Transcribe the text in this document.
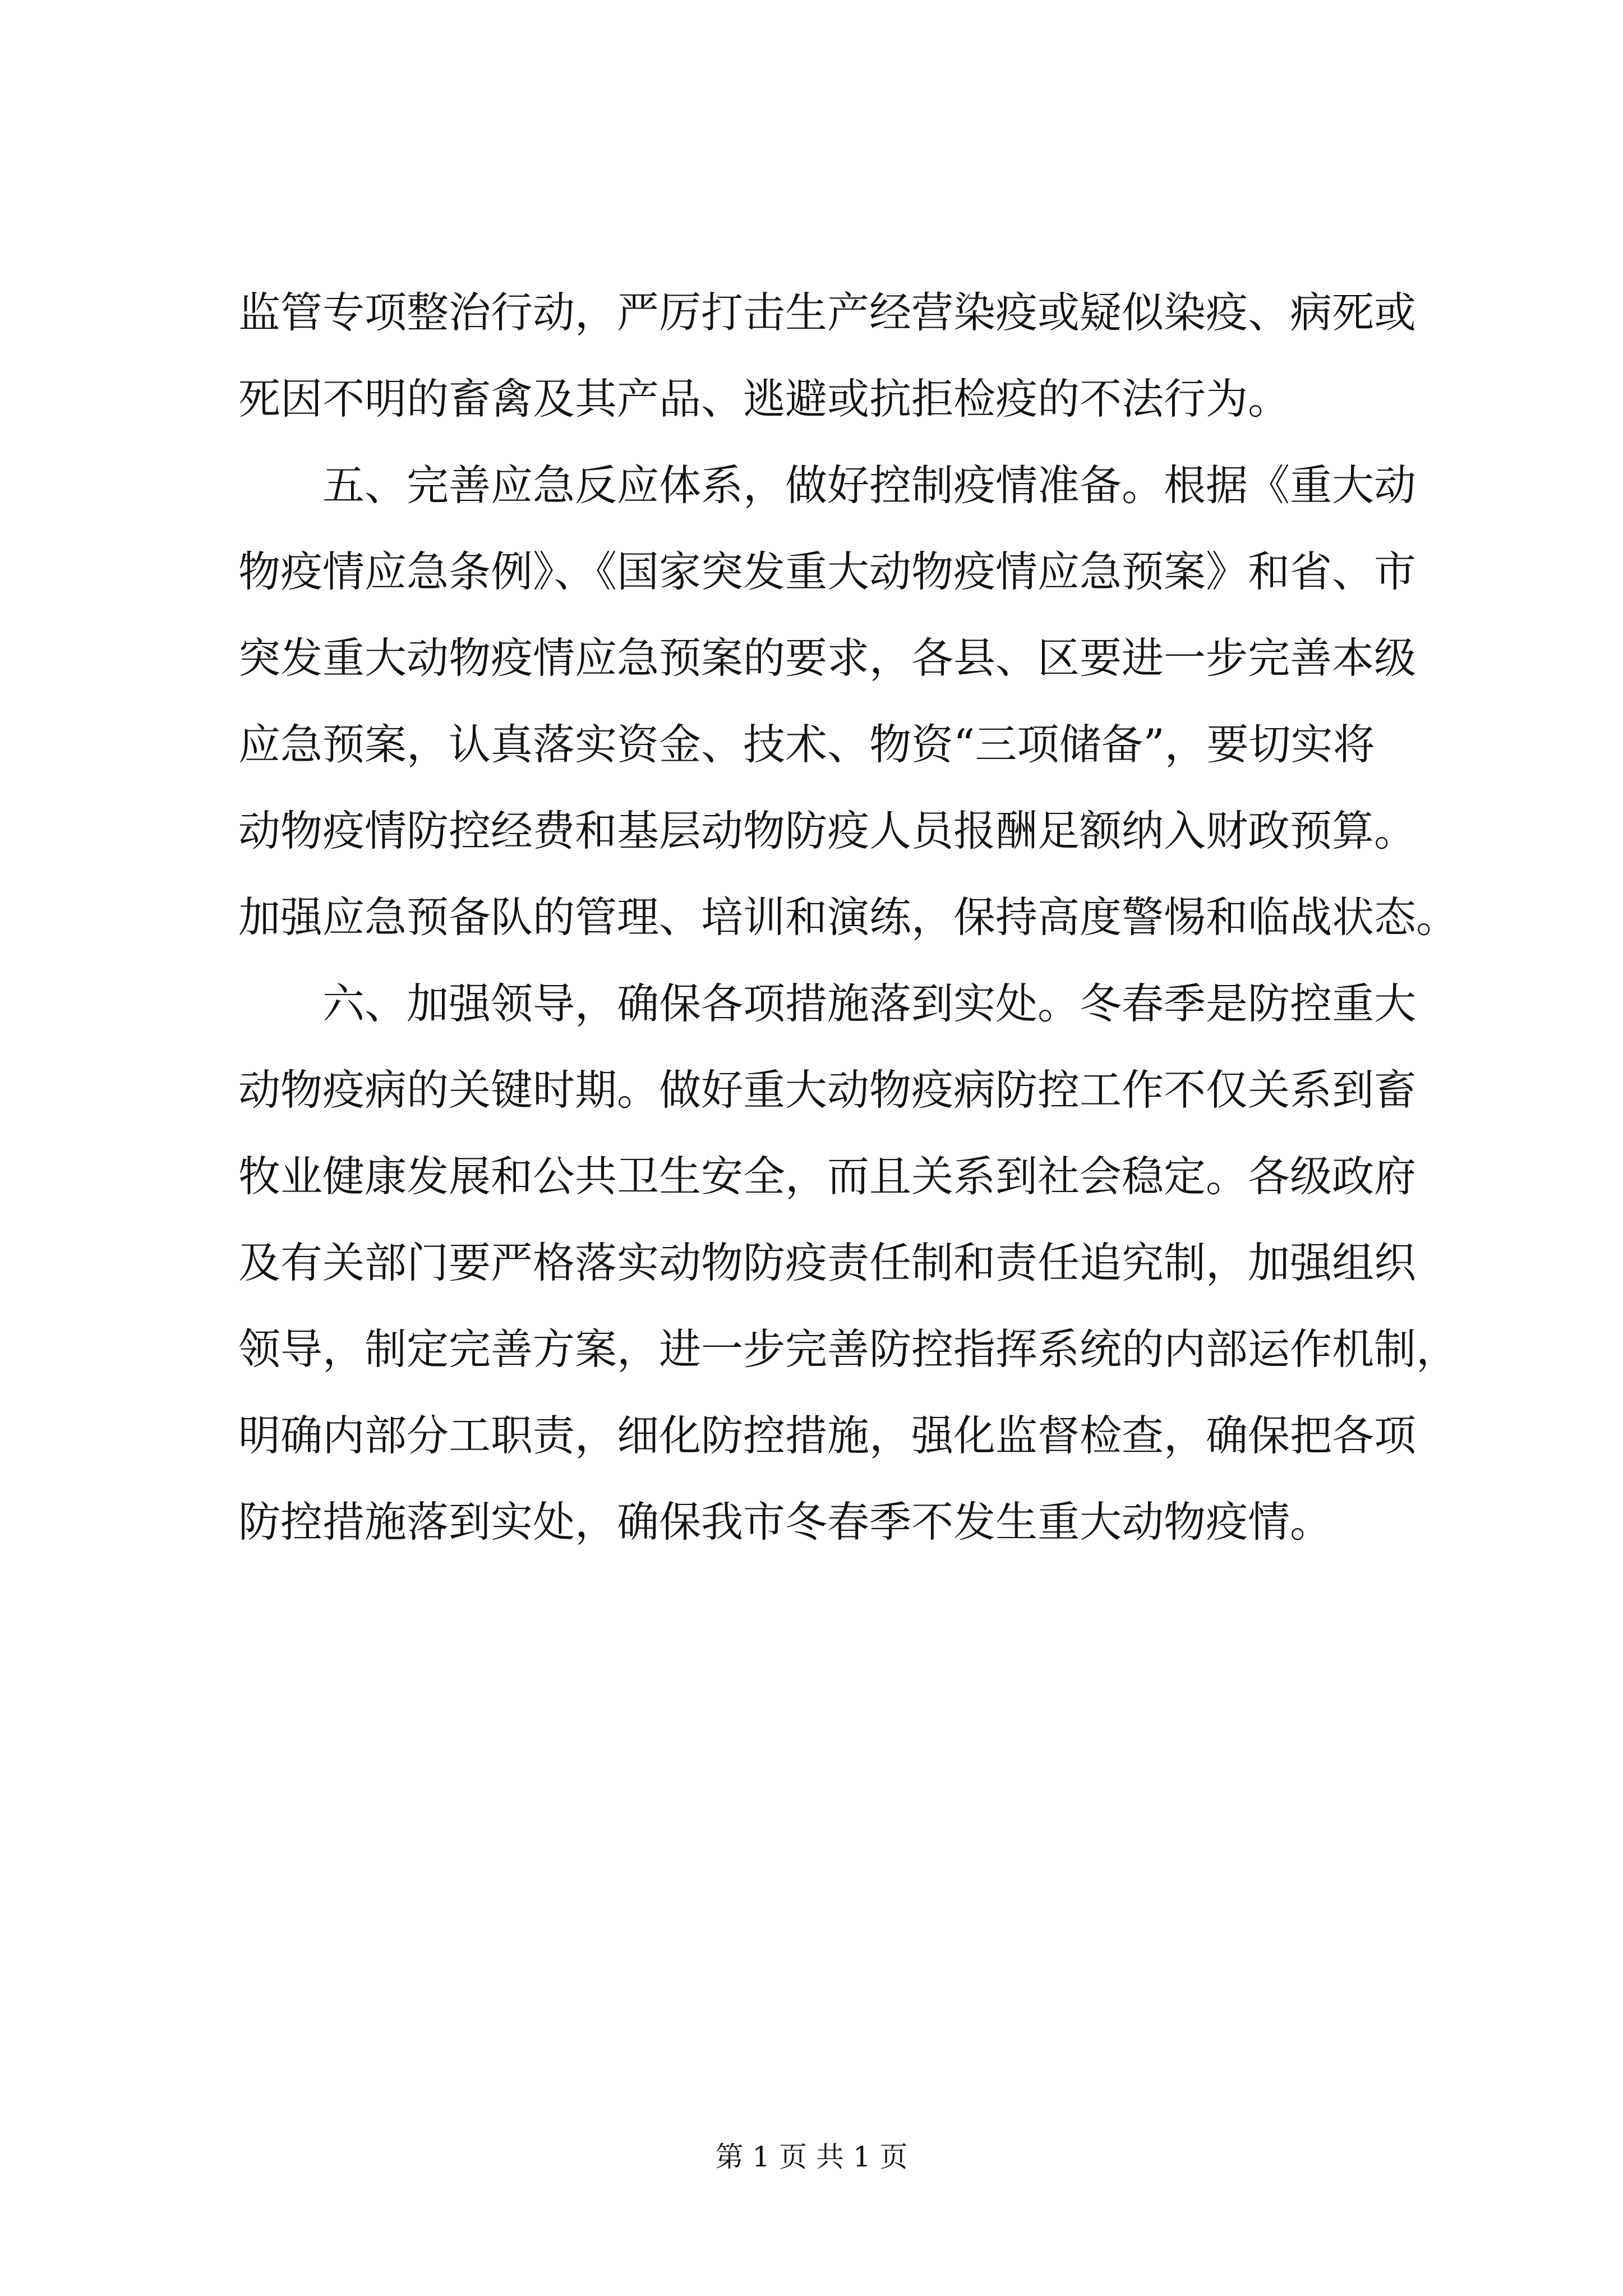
监管专项整治行动，严厉打击生产经营染疫或疑似染疫、病死或
死因不明的畜禽及其产品、逃避或抗拒检疫的不法行为。
五、完善应急反应体系，做好控制疫情准备。根据《重大动
物疫情应急条例》、《国家突发重大动物疫情应急预案》和省、市
突发重大动物疫情应急预案的要求，各县、区要进一步完善本级
应急预案，认真落实资金、技术、物资“三项储备”，要切实将
动物疫情防控经费和基层动物防疫人员报酬足额纳入财政预算。
加强应急预备队的管理、培训和演练，保持高度警惕和临战状态。
六、加强领导，确保各项措施落到实处。冬春季是防控重大
动物疫病的关键时期。做好重大动物疫病防控工作不仅关系到畜
牧业健康发展和公共卫生安全，而且关系到社会稳定。各级政府
及有关部门要严格落实动物防疫责任制和责任追究制，加强组织
领导，制定完善方案，进一步完善防控指挥系统的内部运作机制，
明确内部分工职责，细化防控措施，强化监督检查，确保把各项
防控措施落到实处，确保我市冬春季不发生重大动物疫情。
第 1 页 共 1 页
